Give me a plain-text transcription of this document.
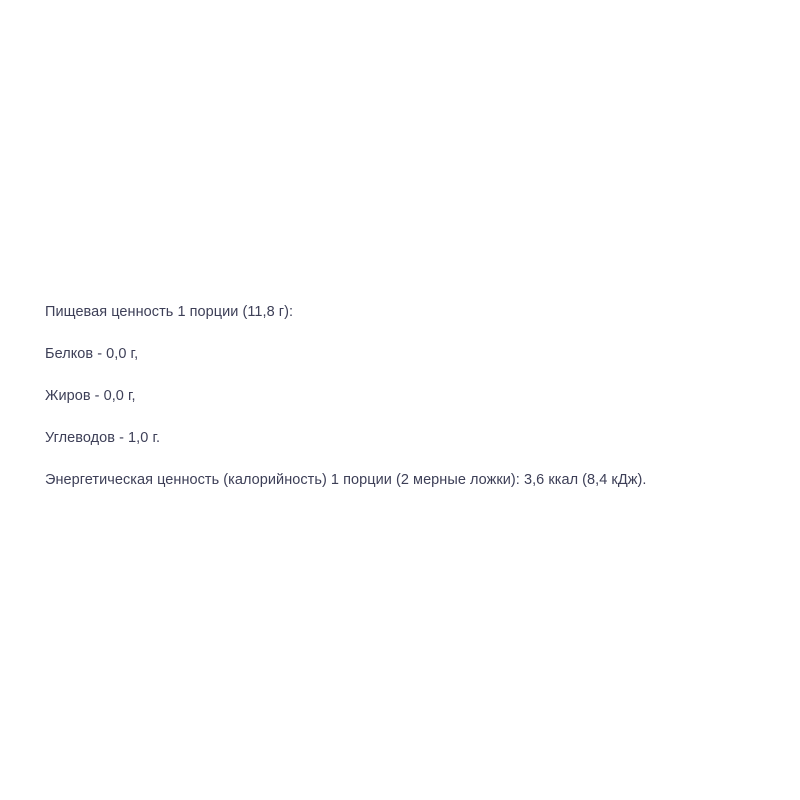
Пищевая ценность 1 порции (11,8 г):

Белков - 0,0 г,

Жиров - 0,0 г,

Углеводов - 1,0 г.

Энергетическая ценность (калорийность) 1 порции (2 мерные ложки): 3,6 ккал (8,4 кДж).
